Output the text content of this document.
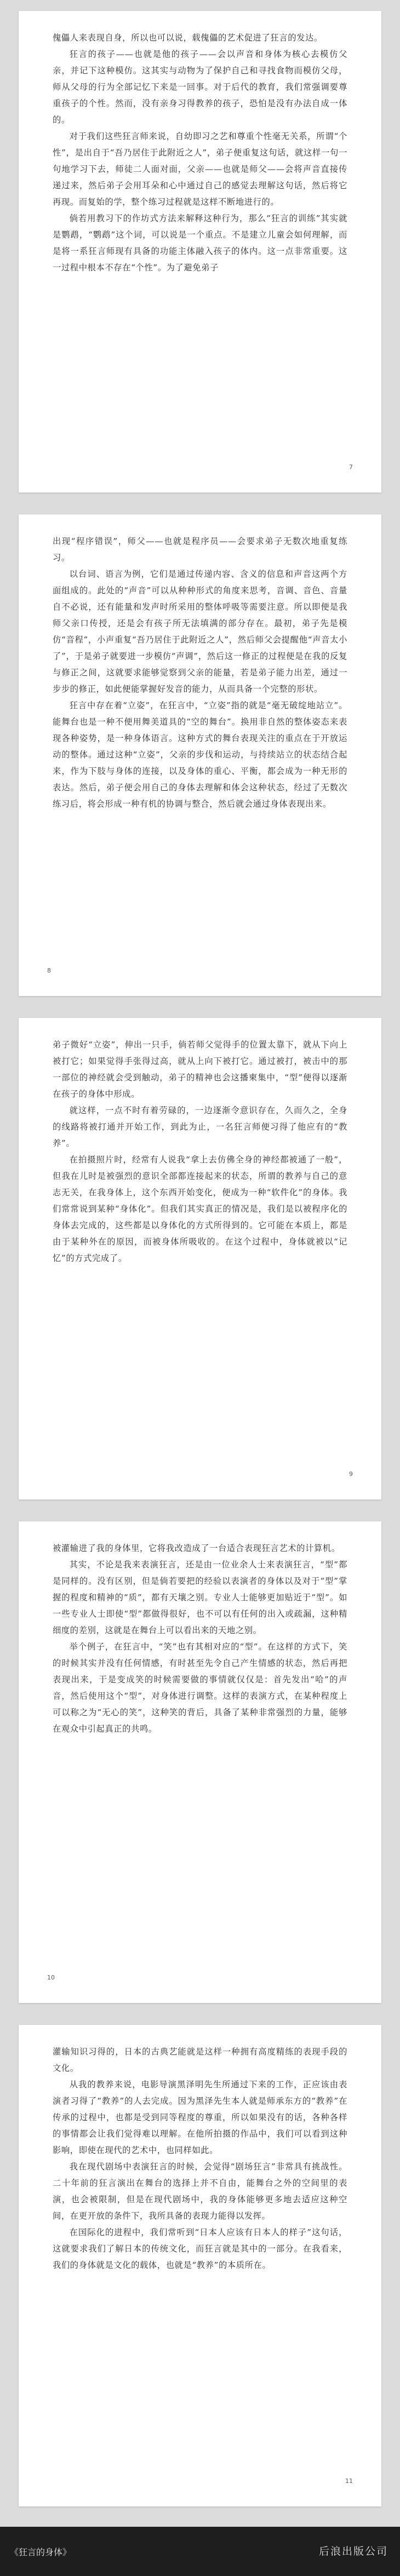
傀儡人来表现自身，所以也可以说，载傀儡的艺术促进了狂言的发达。

狂言的孩子——也就是他的孩子——会以声音和身体为核心去模仿父亲，并记下这种模仿。这其实与动物为了保护自己和寻找食物而模仿父母，师从父母的行为全部记忆下来是一回事。对于后代的教育，我们常强调要尊重孩子的个性。然而，没有亲身习得教养的孩子，恐怕是没有办法自成一体的。

对于我们这些狂言师来说，自幼即习之艺和尊重个性毫无关系，所谓“个性”，是出自于“吾乃居住于此附近之人”，弟子便重复这句话，就这样一句一句地学习下去，师徒二人面对面，父亲——也就是师父——会将声音直接传递过来，然后弟子会用耳朵和心中通过自己的感觉去理解这句话，然后将它再现。而复始的学，整个练习过程就是这样不断地进行的。

倘若用教习下的作坊式方法来解释这种行为，那么“狂言的训练”其实就是鹦鹉，“鹦鹉”这个词，可以说是一个重点。不是建立儿童会如何理解，而是将一系狂言师现有具备的功能主体融入孩子的体内。这一点非常重要。这一过程中根本不存在“个性”。为了避免弟子

7

出现“程序错误”，师父——也就是程序员——会要求弟子无数次地重复练习。

以台词、语言为例，它们是通过传递内容、含义的信息和声音这两个方面组成的。此处的“声音”可以从种种形式的角度来思考，音调、音色、音量自不必说，还有能量和发声时所采用的整体呼吸等需要注意。所以即便是我师父亲口传授，还是会有孩子所无法填满的部分存在。最初，弟子先是模仿“音程”，小声重复“吾乃居住于此附近之人”，然后师父会提醒他“声音太小了”，于是弟子就要进一步模仿“声调”，然后这一修正的过程便是在我的反复与修正之间，这就要求能够觉察到父亲的能量，若是弟子能力出差，通过一步步的修正，如此便能掌握好发音的能力，从而具备一个完整的形状。

狂言中存在着“立姿”，在狂言中，“立姿”指的就是“毫无破绽地站立”。能舞台也是一种不便用舞美道具的“空的舞台”。换用非自然的整体姿态来表现各种姿势，是一种身体语言。这种方式的舞台表现关注的重点在于开放运动的整体。通过这种“立姿”，父亲的步伐和运动，与持续站立的状态结合起来，作为下肢与身体的连接，以及身体的重心、平衡，都会成为一种无形的表达。然后，弟子便会用自己的身体去理解和体会这种状态，经过了无数次练习后，将会形成一种有机的协调与整合，然后就会通过身体表现出来。

8

弟子微好“立姿”，伸出一只手，倘若师父觉得手的位置太靠下，就从下向上被打它；如果觉得手张得过高，就从上向下被打它。通过被打，被击中的那一部位的神经就会受到触动，弟子的精神也会这播柬集中，“型”便得以逐渐在孩子的身体中形成。

就这样，一点不时有着劳碌的，一边逐渐令意识存在，久而久之，全身的线路将被打通并开始工作，到此为止，一名狂言师便习得了他应有的“教养”。

在拍摄照片时，经常有人说我“拿上去仿佛全身的神经都被通了一般”，但我在儿时是被强烈的意识全部都连接起来的状态，所谓的教养与自己的意志无关，在我身体上，这个东西开始变化，便成为一种“软件化”的身体。我们常常说到某种“身体化”。但我们其实真正的情况是，我们是以被程序化的身体去完成的，这些都是以身体化的方式所得到的。它可能在本质上，都是由于某种外在的原因，而被身体所吸收的。在这个过程中，身体就被以“记忆”的方式完成了。

9

被灌输进了我的身体里，它将我改造成了一台适合表现狂言艺术的计算机。

其实，不论是我来表演狂言，还是由一位业余人士来表演狂言，“型”都是同样的。没有区别，但是倘若要把的经验以表演者的身体以及对于“型”掌握的程度和精神的“质”，都有天壤之别。专业人士能够更加贴近于“型”。如一些专业人士即使“型”都做得很好，也不可以有任何的出入或疏漏，这种精细度的差别，这就是在舞台上可以看出来的天地之别。

举个例子，在狂言中，“笑”也有其相对应的“型”。在这样的方式下，笑的时候其实并没有任何情感，有时甚至先令自己产生情感的状态，然后再把表现出来，于是变成笑的时候需要做的事情就仅仅是：首先发出“哈”的声音，然后使用这个“型”，对身体进行调整。这样的表演方式，在某种程度上可以称之为“无心的笑”，这种笑的背后，具备了某种非常强烈的力量，能够在观众中引起真正的共鸣。

10

灌输知识习得的，日本的古典艺能就是这样一种拥有高度精练的表现手段的文化。

从我的教养来说，电影导演黑泽明先生所通过下来的工作，正应该由表演者习得了“教养”的人去完成。因为黑泽先生本人就是师承东方的“教养”在传承的过程中，也都是受到同等程度的尊重，所以如果没有的话，各种各样的事情都会让我们觉得难以理解。在他所拍摄的作品中，我们可以看到这种影响，即使在现代的艺术中，也同样如此。

我在现代剧场中表演狂言的时候，会觉得“剧场狂言”非常具有挑战性。二十年前的狂言演出在舞台的选择上并不自由，能舞台之外的空间里的表演，也会被限制，但是在现代剧场中，我的身体能够更多地去适应这种空间，在更开放的条件下，我所具备的表现力能得以发挥。

在国际化的进程中，我们常听到“日本人应该有日本人的样子”这句话，这就要求我们了解日本的传统文化，而狂言就是其中的一部分。在我看来，我们的身体就是文化的载体，也就是“教养”的本质所在。

11
《狂言的身体》	后浪出版公司
